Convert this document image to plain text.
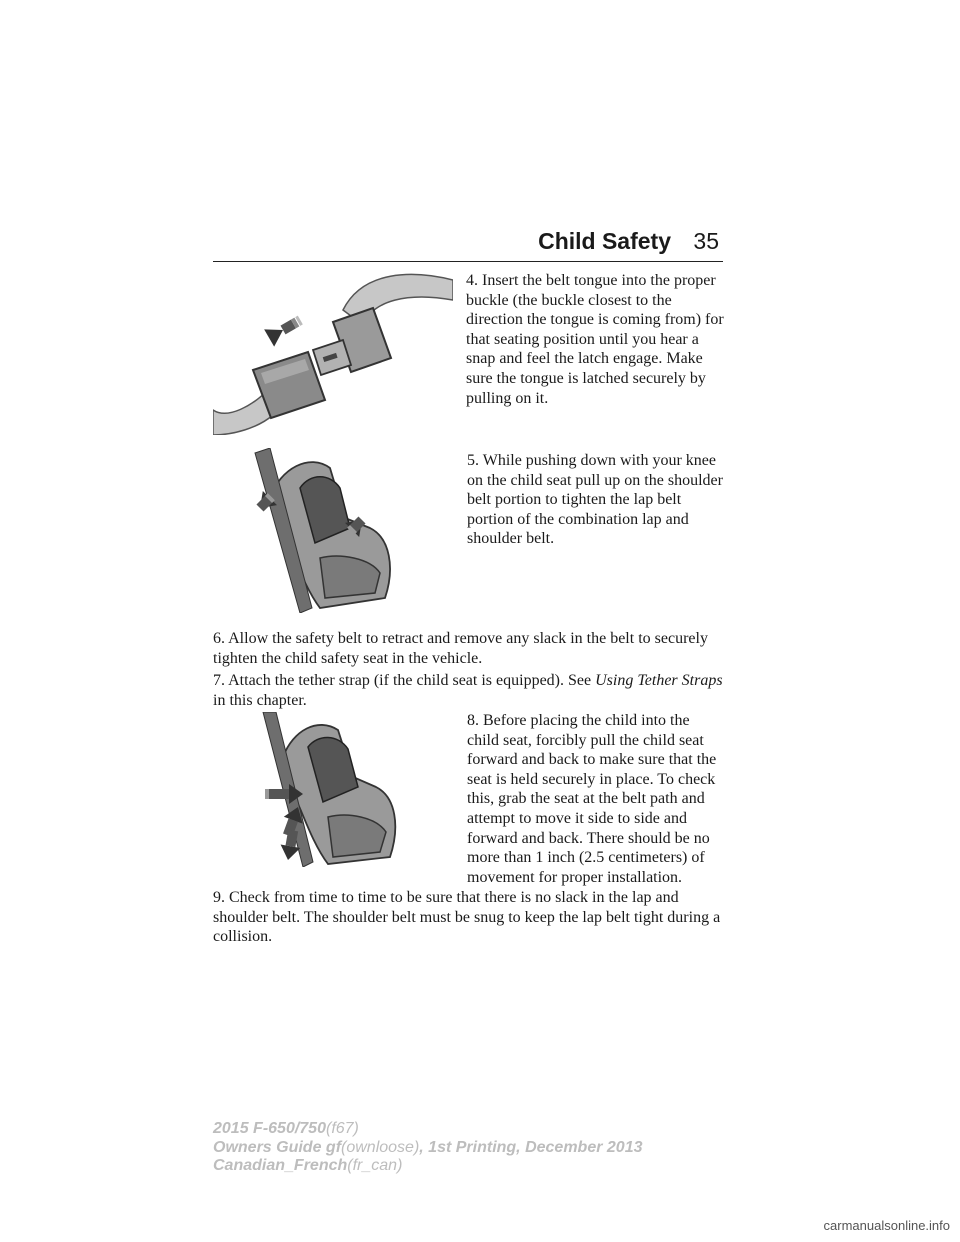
Child Safety 35
4. Insert the belt tongue into the proper buckle (the buckle closest to the direction the tongue is coming from) for that seating position until you hear a snap and feel the latch engage. Make sure the tongue is latched securely by pulling on it.
5. While pushing down with your knee on the child seat pull up on the shoulder belt portion to tighten the lap belt portion of the combination lap and shoulder belt.
6. Allow the safety belt to retract and remove any slack in the belt to securely tighten the child safety seat in the vehicle.
7. Attach the tether strap (if the child seat is equipped). See Using Tether Straps in this chapter.
8. Before placing the child into the child seat, forcibly pull the child seat forward and back to make sure that the seat is held securely in place. To check this, grab the seat at the belt path and attempt to move it side to side and forward and back. There should be no more than 1 inch (2.5 centimeters) of movement for proper installation.
9. Check from time to time to be sure that there is no slack in the lap and shoulder belt. The shoulder belt must be snug to keep the lap belt tight during a collision.
2015 F-650/750(f67)
Owners Guide gf(ownloose), 1st Printing, December 2013
Canadian_French(fr_can)
carmanualsonline.info
